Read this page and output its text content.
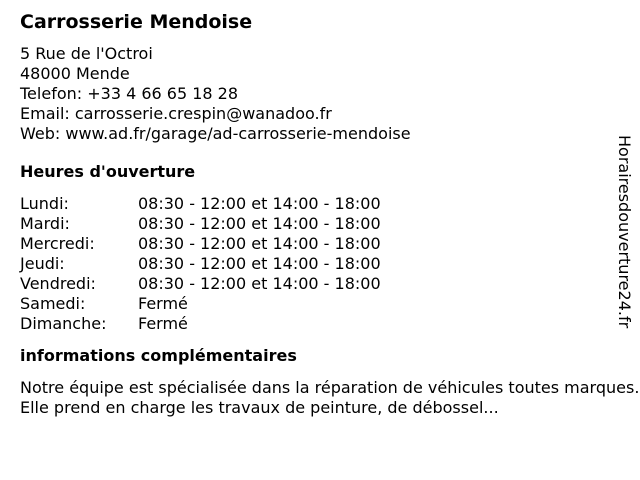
Carrosserie Mendoise
5 Rue de l'Octroi
48000 Mende
Telefon: +33 4 66 65 18 28
Email: carrosserie.crespin@wanadoo.fr
Web: www.ad.fr/garage/ad-carrosserie-mendoise
Heures d'ouverture
Lundi:	08:30 - 12:00 et 14:00 - 18:00
Mardi:	08:30 - 12:00 et 14:00 - 18:00
Mercredi:	08:30 - 12:00 et 14:00 - 18:00
Jeudi:	08:30 - 12:00 et 14:00 - 18:00
Vendredi:	08:30 - 12:00 et 14:00 - 18:00
Samedi:	Fermé
Dimanche:	Fermé
informations complémentaires
Notre équipe est spécialisée dans la réparation de véhicules toutes marques. Elle prend en charge les travaux de peinture, de débossel...
Horairesdouverture24.fr
